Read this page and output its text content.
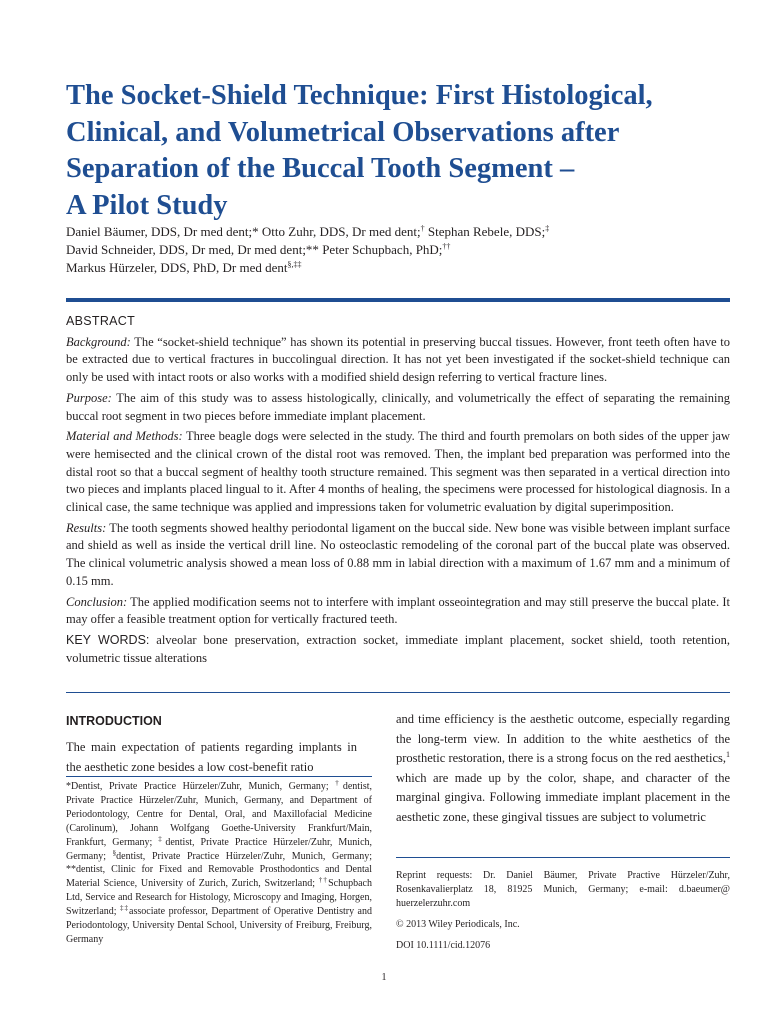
The Socket-Shield Technique: First Histological,
Clinical, and Volumetrical Observations after
Separation of the Buccal Tooth Segment –
A Pilot Study
Daniel Bäumer, DDS, Dr med dent;* Otto Zuhr, DDS, Dr med dent;† Stephan Rebele, DDS;‡
David Schneider, DDS, Dr med, Dr med dent;** Peter Schupbach, PhD;††
Markus Hürzeler, DDS, PhD, Dr med dent§,‡‡
ABSTRACT

Background: The “socket-shield technique” has shown its potential in preserving buccal tissues. However, front teeth often have to be extracted due to vertical fractures in buccolingual direction. It has not yet been investigated if the socket-shield technique can only be used with intact roots or also works with a modified shield design referring to vertical fracture lines.

Purpose: The aim of this study was to assess histologically, clinically, and volumetrically the effect of separating the remaining buccal root segment in two pieces before immediate implant placement.

Material and Methods: Three beagle dogs were selected in the study. The third and fourth premolars on both sides of the upper jaw were hemisected and the clinical crown of the distal root was removed. Then, the implant bed preparation was performed into the distal root so that a buccal segment of healthy tooth structure remained. This segment was then separated in a vertical direction into two pieces and implants placed lingual to it. After 4 months of healing, the specimens were processed for histological diagnosis. In a clinical case, the same technique was applied and impressions taken for volumetric evaluation by digital superimposition.

Results: The tooth segments showed healthy periodontal ligament on the buccal side. New bone was visible between implant surface and shield as well as inside the vertical drill line. No osteoclastic remodeling of the coronal part of the buccal plate was observed. The clinical volumetric analysis showed a mean loss of 0.88 mm in labial direction with a maximum of 1.67 mm and a minimum of 0.15 mm.

Conclusion: The applied modification seems not to interfere with implant osseointegration and may still preserve the buccal plate. It may offer a feasible treatment option for vertically fractured teeth.

KEY WORDS: alveolar bone preservation, extraction socket, immediate implant placement, socket shield, tooth retention, volumetric tissue alterations

INTRODUCTION

The main expectation of patients regarding implants in the aesthetic zone besides a low cost-benefit ratio

and time efficiency is the aesthetic outcome, especially regarding the long-term view. In addition to the white aesthetics of the prosthetic restoration, there is a strong focus on the red aesthetics,$^1$ which are made up by the color, shape, and character of the marginal gingiva. Following immediate implant placement in the aesthetic zone, these gingival tissues are subject to volumetric

*Dentist, Private Practice Hürzeler/Zuhr, Munich, Germany; †dentist, Private Practice Hürzeler/Zuhr, Munich, Germany, and Department of Periodontology, Centre for Dental, Oral, and Maxillofacial Medicine (Carolinum), Johann Wolfgang Goethe-University Frankfurt/Main, Frankfurt, Germany; ‡dentist, Private Practice Hürzeler/Zuhr, Munich, Germany; §dentist, Private Practice Hürzeler/Zuhr, Munich, Germany; **dentist, Clinic for Fixed and Removable Prosthodontics and Dental Material Science, University of Zurich, Zurich, Switzerland; ††Schupbach Ltd, Service and Research for Histology, Microscopy and Imaging, Horgen, Switzerland; ‡‡associate professor, Department of Operative Dentistry and Periodontology, University Dental School, University of Freiburg, Freiburg, Germany

Reprint requests: Dr. Daniel Bäumer, Private Practive Hürzeler/Zuhr, Rosenkavalierplatz 18, 81925 Munich, Germany; e-mail: d.baeumer@ huerzelerzuhr.com

© 2013 Wiley Periodicals, Inc.

DOI 10.1111/cid.12076

1
